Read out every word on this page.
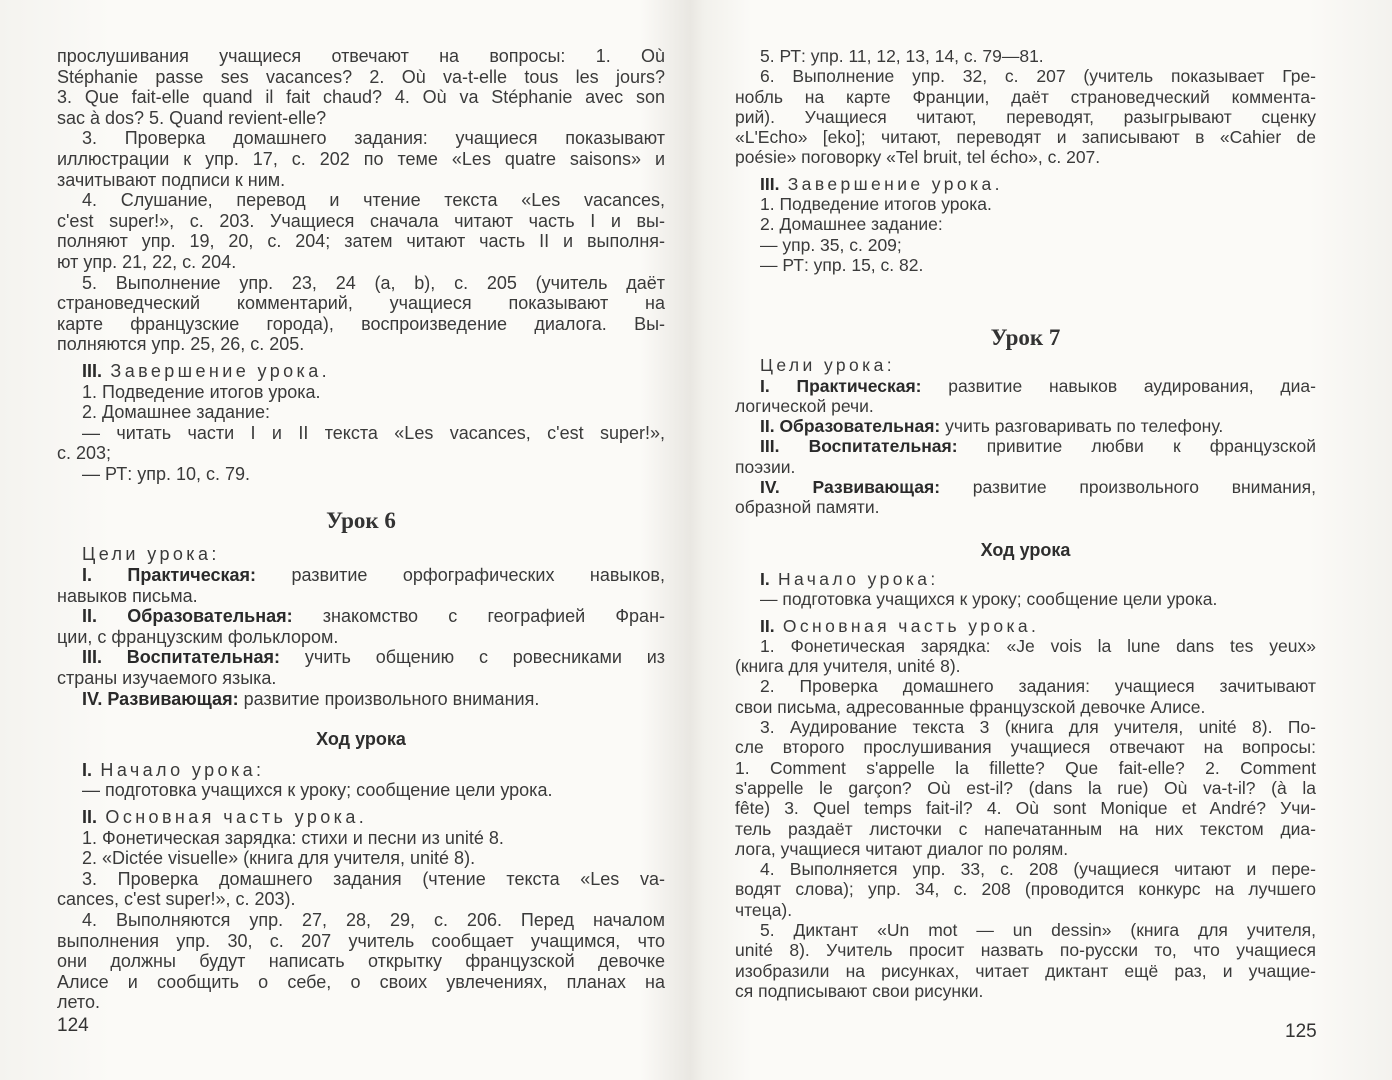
прослушивания учащиеся отвечают на вопросы: 1. Où
Stéphanie passe ses vacances? 2. Où va-t-elle tous les jours?
3. Que fait-elle quand il fait chaud? 4. Où va Stéphanie avec son
sac à dos? 5. Quand revient-elle?
3. Проверка домашнего задания: учащиеся показывают
иллюстрации к упр. 17, с. 202 по теме «Les quatre saisons» и
зачитывают подписи к ним.
4. Слушание, перевод и чтение текста «Les vacances,
c'est super!», с. 203. Учащиеся сначала читают часть I и вы-
полняют упр. 19, 20, с. 204; затем читают часть II и выполня-
ют упр. 21, 22, с. 204.
5. Выполнение упр. 23, 24 (a, b), с. 205 (учитель даёт
страноведческий комментарий, учащиеся показывают на
карте французские города), воспроизведение диалога. Вы-
полняются упр. 25, 26, с. 205.
III. Завершение урока.
1. Подведение итогов урока.
2. Домашнее задание:
— читать части I и II текста «Les vacances, c'est super!»,
с. 203;
— РТ: упр. 10, с. 79.
Урок 6
Цели урока:
I. Практическая: развитие орфографических навыков,
навыков письма.
II. Образовательная: знакомство с географией Фран-
ции, с французским фольклором.
III. Воспитательная: учить общению с ровесниками из
страны изучаемого языка.
IV. Развивающая: развитие произвольного внимания.
Ход урока
I. Начало урока:
— подготовка учащихся к уроку; сообщение цели урока.
II. Основная часть урока.
1. Фонетическая зарядка: стихи и песни из unité 8.
2. «Dictée visuelle» (книга для учителя, unité 8).
3. Проверка домашнего задания (чтение текста «Les va-
cances, c'est super!», с. 203).
4. Выполняются упр. 27, 28, 29, с. 206. Перед началом
выполнения упр. 30, с. 207 учитель сообщает учащимся, что
они должны будут написать открытку французской девочке
Алисе и сообщить о себе, о своих увлечениях, планах на
лето.
5. РТ: упр. 11, 12, 13, 14, с. 79—81.
6. Выполнение упр. 32, с. 207 (учитель показывает Гре-
нобль на карте Франции, даёт страноведческий коммента-
рий). Учащиеся читают, переводят, разыгрывают сценку
«L'Echo» [eko]; читают, переводят и записывают в «Cahier de
poésie» поговорку «Tel bruit, tel écho», с. 207.
III. Завершение урока.
1. Подведение итогов урока.
2. Домашнее задание:
— упр. 35, с. 209;
— РТ: упр. 15, с. 82.
Урок 7
Цели урока:
I. Практическая: развитие навыков аудирования, диа-
логической речи.
II. Образовательная: учить разговаривать по телефону.
III. Воспитательная: привитие любви к французской
поэзии.
IV. Развивающая: развитие произвольного внимания,
образной памяти.
Ход урока
I. Начало урока:
— подготовка учащихся к уроку; сообщение цели урока.
II. Основная часть урока.
1. Фонетическая зарядка: «Je vois la lune dans tes yeux»
(книга для учителя, unité 8).
2. Проверка домашнего задания: учащиеся зачитывают
свои письма, адресованные французской девочке Алисе.
3. Аудирование текста 3 (книга для учителя, unité 8). По-
сле второго прослушивания учащиеся отвечают на вопросы:
1. Comment s'appelle la fillette? Que fait-elle? 2. Comment
s'appelle le garçon? Où est-il? (dans la rue) Où va-t-il? (à la
fête) 3. Quel temps fait-il? 4. Où sont Monique et André? Учи-
тель раздаёт листочки с напечатанным на них текстом диа-
лога, учащиеся читают диалог по ролям.
4. Выполняется упр. 33, с. 208 (учащиеся читают и пере-
водят слова); упр. 34, с. 208 (проводится конкурс на лучшего
чтеца).
5. Диктант «Un mot — un dessin» (книга для учителя,
unité 8). Учитель просит назвать по-русски то, что учащиеся
изобразили на рисунках, читает диктант ещё раз, и учащие-
ся подписывают свои рисунки.
124	125
